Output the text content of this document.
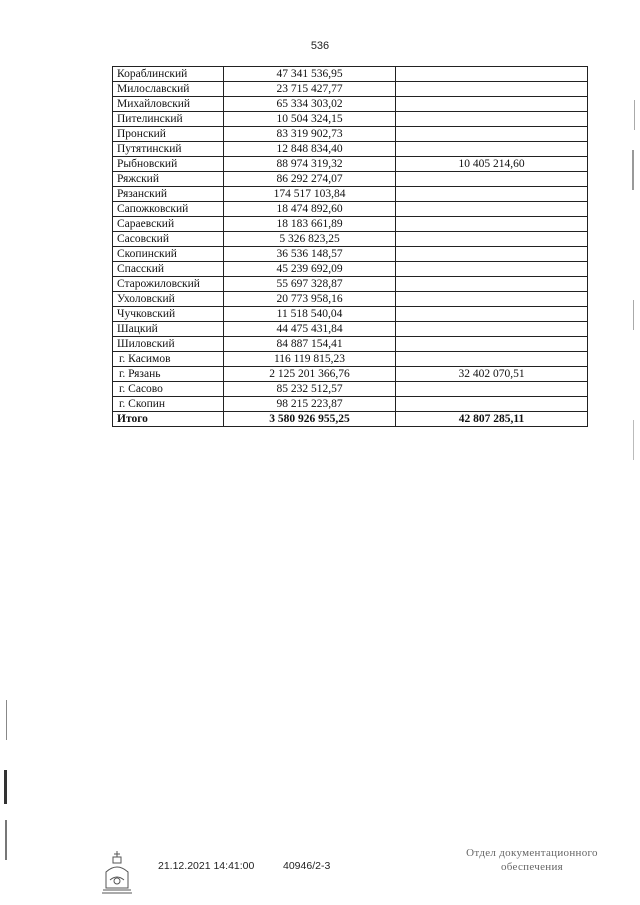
536
Кораблинский	47 341 536,95	
Милославский	23 715 427,77	
Михайловский	65 334 303,02	
Пителинский	10 504 324,15	
Пронский	83 319 902,73	
Путятинский	12 848 834,40	
Рыбновский	88 974 319,32	10 405 214,60
Ряжский	86 292 274,07	
Рязанский	174 517 103,84	
Сапожковский	18 474 892,60	
Сараевский	18 183 661,89	
Сасовский	5 326 823,25	
Скопинский	36 536 148,57	
Спасский	45 239 692,09	
Старожиловский	55 697 328,87	
Ухоловский	20 773 958,16	
Чучковский	11 518 540,04	
Шацкий	44 475 431,84	
Шиловский	84 887 154,41	
г. Касимов	116 119 815,23	
г. Рязань	2 125 201 366,76	32 402 070,51
г. Сасово	85 232 512,57	
г. Скопин	98 215 223,87	
Итого	3 580 926 955,25	42 807 285,11
21.12.2021 14:41:00	40946/2-3
Отдел документационного
обеспечения
